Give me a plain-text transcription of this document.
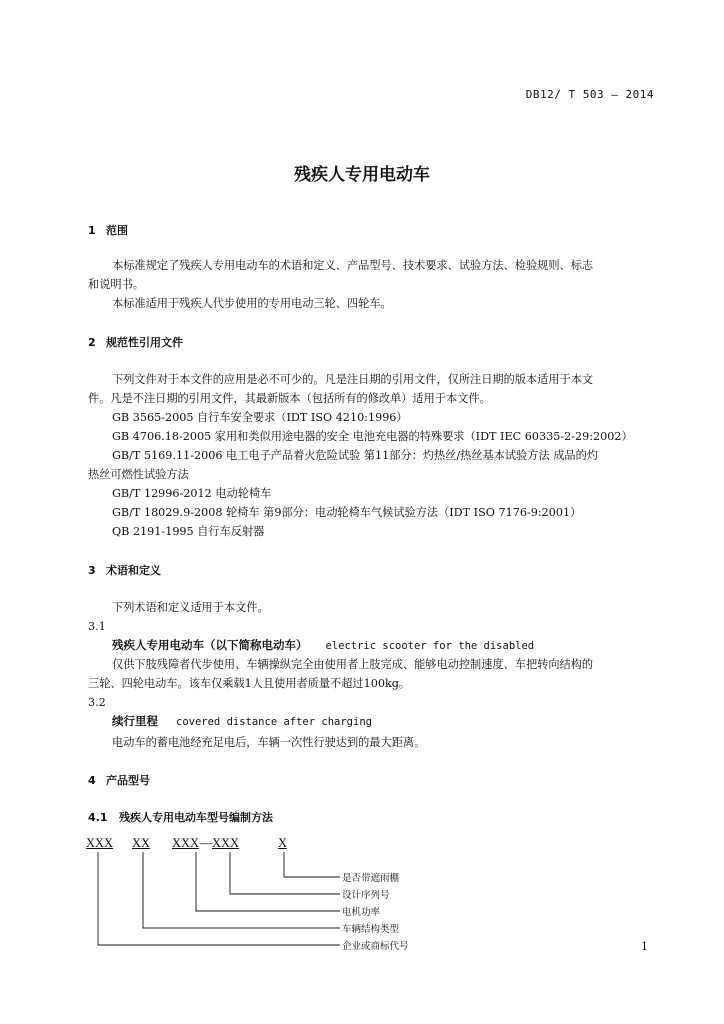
DB12/ T 503 — 2014
残疾人专用电动车
1 范围
本标准规定了残疾人专用电动车的术语和定义、产品型号、技术要求、试验方法、检验规则、标志
和说明书。
本标准适用于残疾人代步使用的专用电动三轮、四轮车。
2 规范性引用文件
下列文件对于本文件的应用是必不可少的。凡是注日期的引用文件，仅所注日期的版本适用于本文
件。凡是不注日期的引用文件，其最新版本（包括所有的修改单）适用于本文件。
GB 3565-2005 自行车安全要求（IDT ISO 4210:1996）
GB 4706.18-2005 家用和类似用途电器的安全 电池充电器的特殊要求（IDT IEC 60335-2-29:2002）
GB/T 5169.11-2006 电工电子产品着火危险试验 第11部分：灼热丝/热丝基本试验方法 成品的灼
热丝可燃性试验方法
GB/T 12996-2012 电动轮椅车
GB/T 18029.9-2008 轮椅车 第9部分：电动轮椅车气候试验方法（IDT ISO 7176-9:2001）
QB 2191-1995 自行车反射器
3 术语和定义
下列术语和定义适用于本文件。
3.1
残疾人专用电动车（以下简称电动车） electric scooter for the disabled
仅供下肢残障者代步使用、车辆操纵完全由使用者上肢完成、能够电动控制速度、车把转向结构的
三轮、四轮电动车。该车仅乘载1人且使用者质量不超过100kg。
3.2
续行里程 covered distance after charging
电动车的蓄电池经充足电后，车辆一次性行驶达到的最大距离。
4 产品型号
4.1 残疾人专用电动车型号编制方法
XXX XX XXX — XXX	X
是否带遮雨棚
设计序列号
电机功率
车辆结构类型
企业或商标代号	1
